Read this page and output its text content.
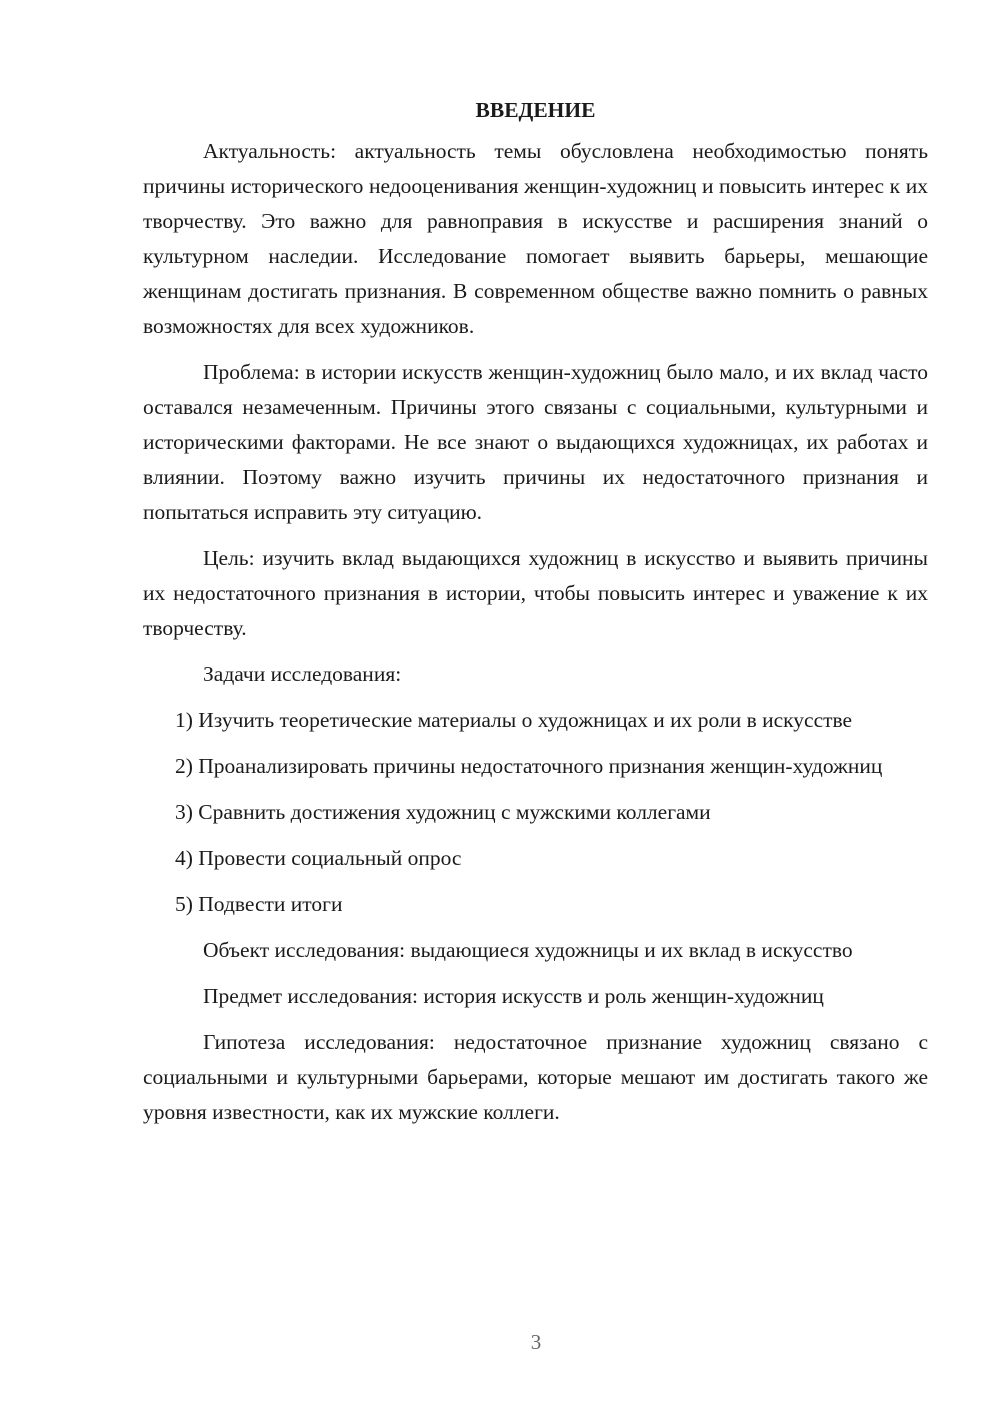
ВВЕДЕНИЕ

Актуальность: актуальность темы обусловлена необходимостью понять причины исторического недооценивания женщин-художниц и повысить интерес к их творчеству. Это важно для равноправия в искусстве и расширения знаний о культурном наследии. Исследование помогает выявить барьеры, мешающие женщинам достигать признания. В современном обществе важно помнить о равных возможностях для всех художников.

Проблема: в истории искусств женщин-художниц было мало, и их вклад часто оставался незамеченным. Причины этого связаны с социальными, культурными и историческими факторами. Не все знают о выдающихся художницах, их работах и влиянии. Поэтому важно изучить причины их недостаточного признания и попытаться исправить эту ситуацию.

Цель: изучить вклад выдающихся художниц в искусство и выявить причины их недостаточного признания в истории, чтобы повысить интерес и уважение к их творчеству.

Задачи исследования:

1) Изучить теоретические материалы о художницах и их роли в искусстве

2) Проанализировать причины недостаточного признания женщин-художниц

3) Сравнить достижения художниц с мужскими коллегами

4) Провести социальный опрос

5) Подвести итоги

Объект исследования: выдающиеся художницы и их вклад в искусство

Предмет исследования: история искусств и роль женщин-художниц

Гипотеза исследования: недостаточное признание художниц связано с социальными и культурными барьерами, которые мешают им достигать такого же уровня известности, как их мужские коллеги.

3
